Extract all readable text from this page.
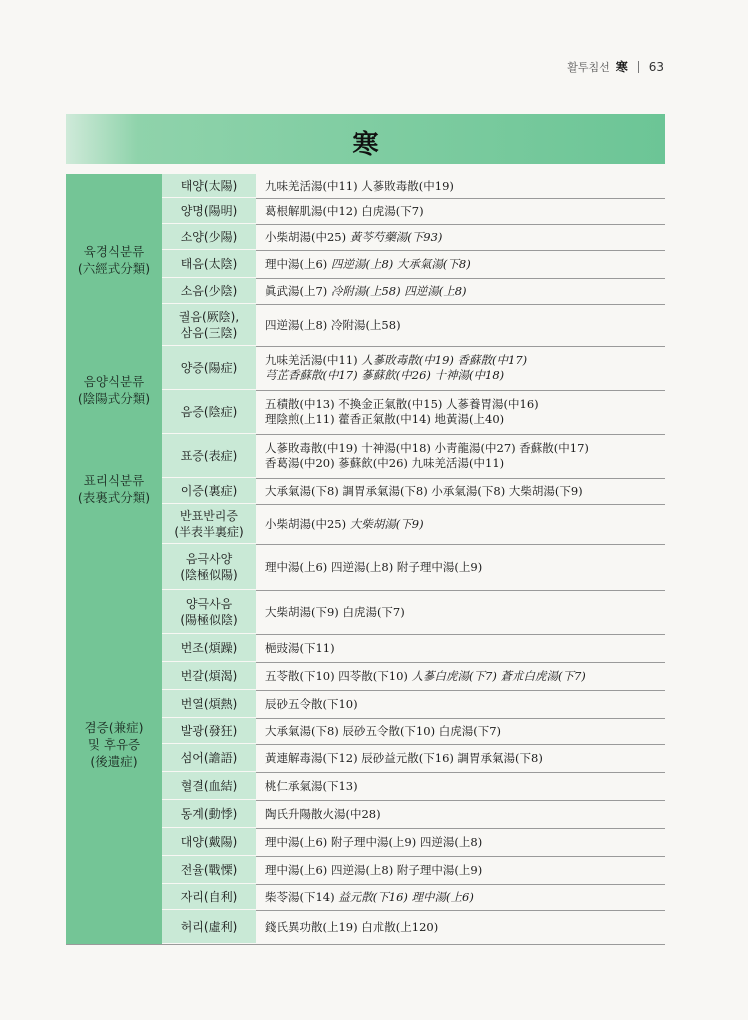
활투침선 寒 63
寒
육경식분류
(六經式分類)
음양식분류
(陰陽式分類)
표리식분류
(表裏式分類)
겸증(兼症)
및 후유증
(後遺症)
태양(太陽) 九味羌活湯(中11) 人蔘敗毒散(中19)
양명(陽明) 葛根解肌湯(中12) 白虎湯(下7)
소양(少陽) 小柴胡湯(中25) 黃芩芍藥湯(下93)
태음(太陰) 理中湯(上6) 四逆湯(上8) 大承氣湯(下8)
소음(少陰) 眞武湯(上7) 冷附湯(上58) 四逆湯(上8)
궐음(厥陰),
삼음(三陰)
四逆湯(上8) 冷附湯(上58)
양증(陽症)
九味羌活湯(中11) 人蔘敗毒散(中19) 香蘇散(中17)
芎芷香蘇散(中17) 蔘蘇飮(中26) 十神湯(中18)
음증(陰症)
五積散(中13) 不換金正氣散(中15) 人蔘養胃湯(中16)
理陰煎(上11) 藿香正氣散(中14) 地黃湯(上40)
표증(表症)
人蔘敗毒散(中19) 十神湯(中18) 小靑龍湯(中27) 香蘇散(中17)
香葛湯(中20) 蔘蘇飮(中26) 九味羌活湯(中11)
이증(裏症) 大承氣湯(下8) 調胃承氣湯(下8) 小承氣湯(下8) 大柴胡湯(下9)
반표반리증
(半表半裏症)
小柴胡湯(中25) 大柴胡湯(下9)
음극사양
(陰極似陽)
理中湯(上6) 四逆湯(上8) 附子理中湯(上9)
양극사음
(陽極似陰)
大柴胡湯(下9) 白虎湯(下7)
번조(煩躁) 梔豉湯(下11)
번갈(煩渴) 五苓散(下10) 四苓散(下10) 人蔘白虎湯(下7) 蒼朮白虎湯(下7)
번열(煩熱) 辰砂五令散(下10)
발광(發狂) 大承氣湯(下8) 辰砂五令散(下10) 白虎湯(下7)
섬어(譫語) 黃連解毒湯(下12) 辰砂益元散(下16) 調胃承氣湯(下8)
혈결(血結) 桃仁承氣湯(下13)
동계(動悸) 陶氏升陽散火湯(中28)
대양(戴陽) 理中湯(上6) 附子理中湯(上9) 四逆湯(上8)
전율(戰慄) 理中湯(上6) 四逆湯(上8) 附子理中湯(上9)
자리(自利) 柴苓湯(下14) 益元散(下16) 理中湯(上6)
허리(虛利) 錢氏異功散(上19) 白朮散(上120)
